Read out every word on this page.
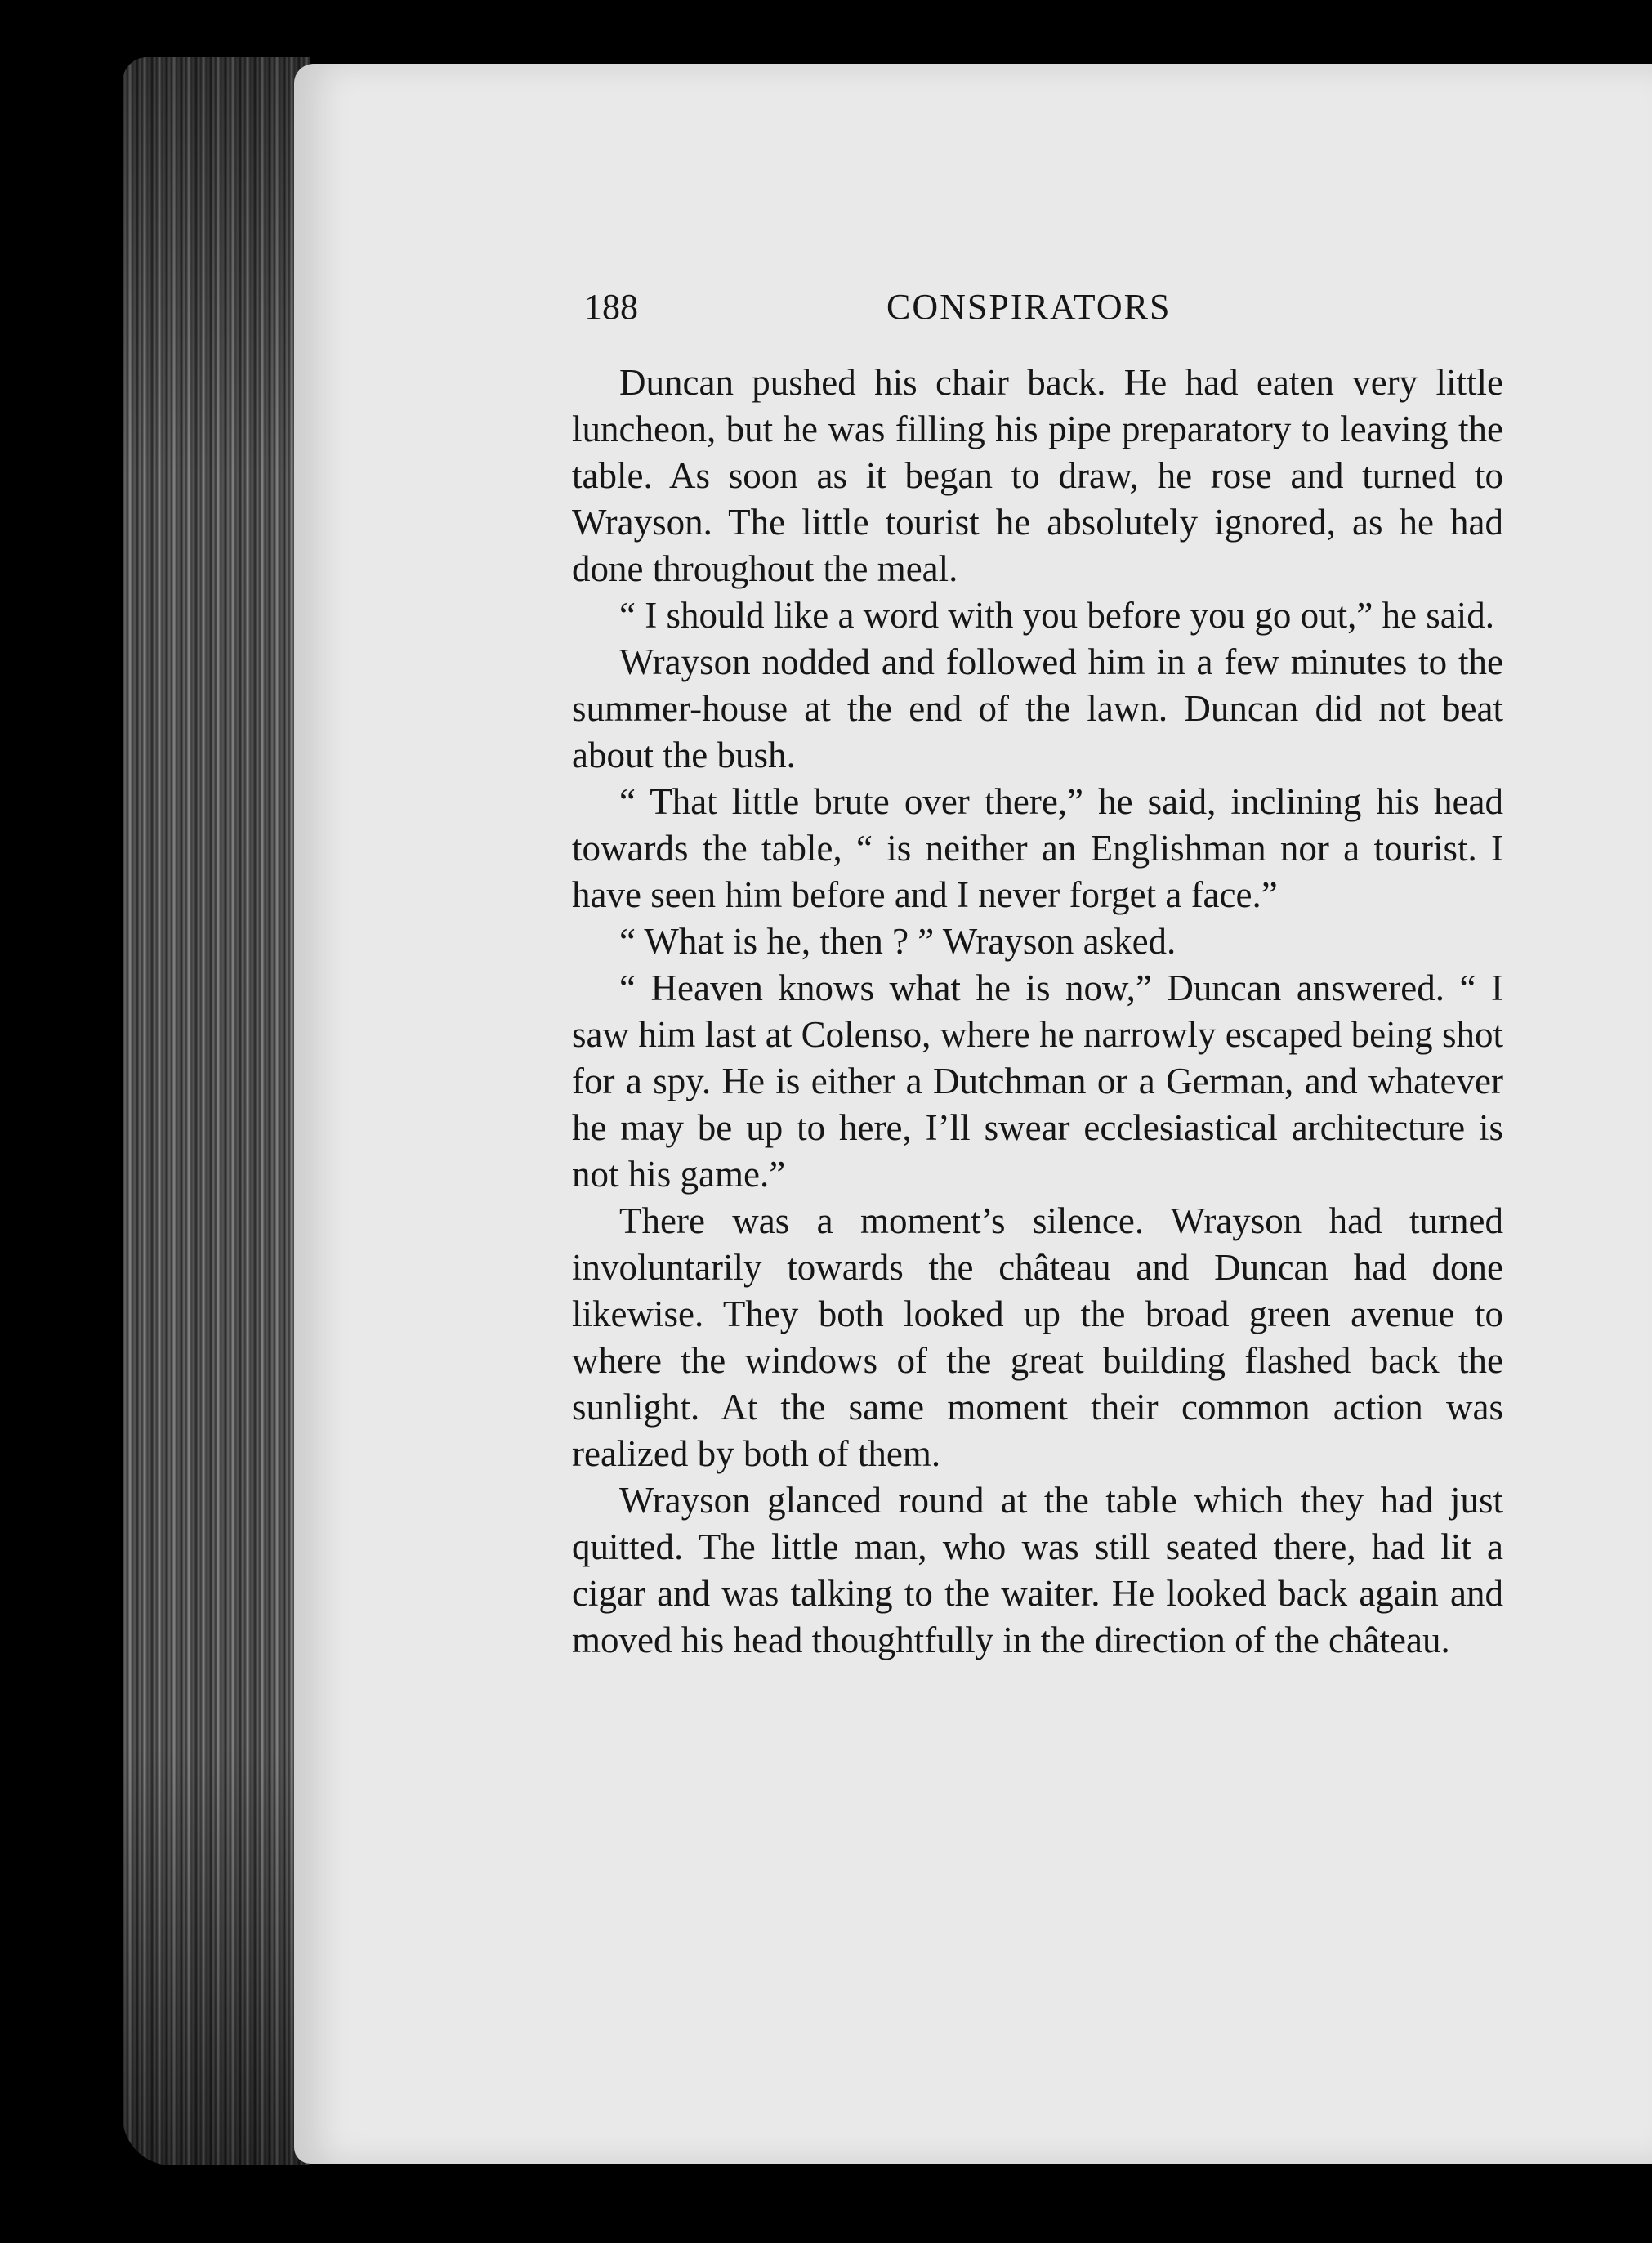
188	CONSPIRATORS

Duncan pushed his chair back. He had eaten very little luncheon, but he was filling his pipe preparatory to leaving the table. As soon as it began to draw, he rose and turned to Wrayson. The little tourist he absolutely ignored, as he had done throughout the meal.

“ I should like a word with you before you go out,” he said.

Wrayson nodded and followed him in a few minutes to the summer-house at the end of the lawn. Duncan did not beat about the bush.

“ That little brute over there,” he said, inclining his head towards the table, “ is neither an Englishman nor a tourist. I have seen him before and I never forget a face.”

“ What is he, then ? ” Wrayson asked.

“ Heaven knows what he is now,” Duncan answered. “ I saw him last at Colenso, where he narrowly escaped being shot for a spy. He is either a Dutchman or a German, and whatever he may be up to here, I’ll swear ecclesiastical architecture is not his game.”

There was a moment’s silence. Wrayson had turned involuntarily towards the château and Duncan had done likewise. They both looked up the broad green avenue to where the windows of the great building flashed back the sunlight. At the same moment their common action was realized by both of them.

Wrayson glanced round at the table which they had just quitted. The little man, who was still seated there, had lit a cigar and was talking to the waiter. He looked back again and moved his head thoughtfully in the direction of the château.
